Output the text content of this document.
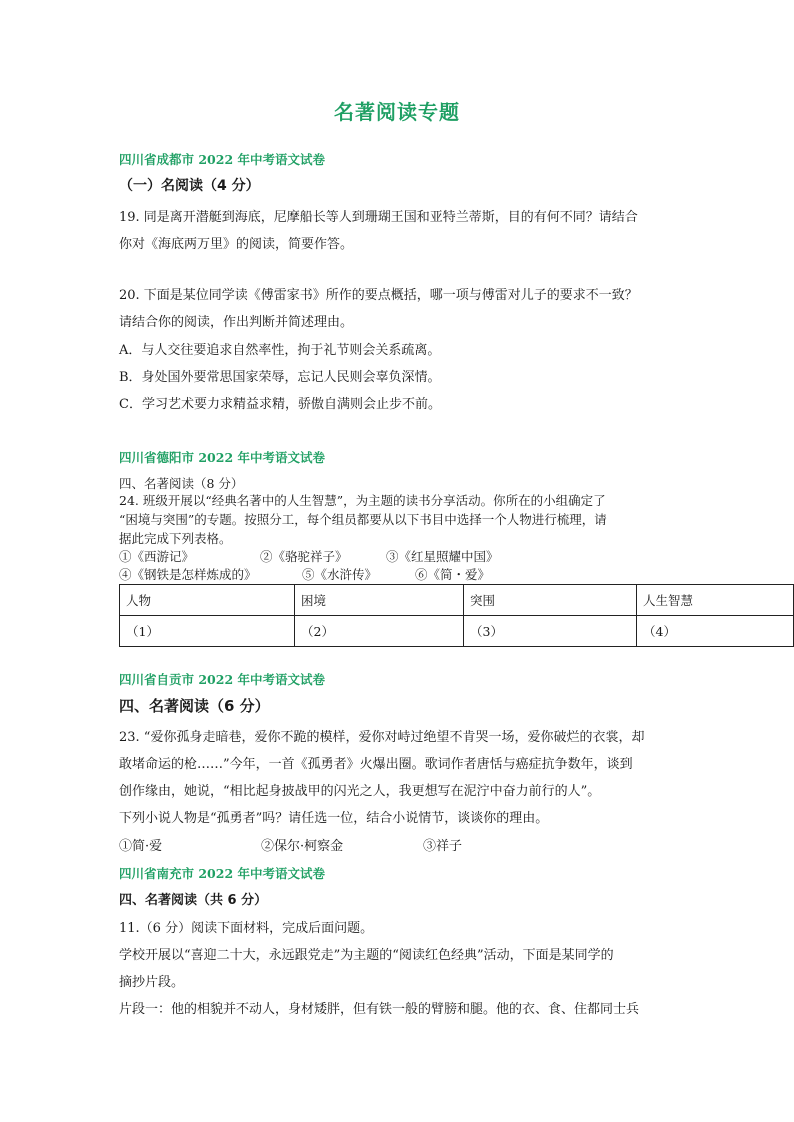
名著阅读专题
四川省成都市 2022 年中考语文试卷
（一）名阅读（4 分）
19. 同是离开潜艇到海底，尼摩船长等人到珊瑚王国和亚特兰蒂斯，目的有何不同？请结合
你对《海底两万里》的阅读，简要作答。
20. 下面是某位同学读《傅雷家书》所作的要点概括，哪一项与傅雷对儿子的要求不一致？
请结合你的阅读，作出判断并简述理由。
A．与人交往要追求自然率性，拘于礼节则会关系疏离。
B．身处国外要常思国家荣辱，忘记人民则会辜负深情。
C．学习艺术要力求精益求精，骄傲自满则会止步不前。
四川省德阳市 2022 年中考语文试卷
四、名著阅读（8 分）
24. 班级开展以“经典名著中的人生智慧”，为主题的读书分享活动。你所在的小组确定了
“困境与突围”的专题。按照分工，每个组员都要从以下书目中选择一个人物进行梳理，请
据此完成下列表格。
①《西游记》	②《骆驼祥子》	③《红星照耀中国》
④《钢铁是怎样炼成的》	⑤《水浒传》	⑥《简・爱》
人物	困境	突围	人生智慧
（1）	（2）	（3）	（4）
四川省自贡市 2022 年中考语文试卷
四、名著阅读（6 分）
23. “爱你孤身走暗巷，爱你不跪的模样，爱你对峙过绝望不肯哭一场，爱你破烂的衣裳，却
敢堵命运的枪……”今年，一首《孤勇者》火爆出圈。歌词作者唐恬与癌症抗争数年，谈到
创作缘由，她说，“相比起身披战甲的闪光之人，我更想写在泥泞中奋力前行的人”。
下列小说人物是“孤勇者”吗？请任选一位，结合小说情节，谈谈你的理由。
①简·爱	②保尔·柯察金	③祥子
四川省南充市 2022 年中考语文试卷
四、名著阅读（共 6 分）
11.（6 分）阅读下面材料，完成后面问题。
学校开展以“喜迎二十大，永远跟党走”为主题的“阅读红色经典”活动，下面是某同学的
摘抄片段。
片段一：他的相貌并不动人，身材矮胖，但有铁一般的臂膀和腿。他的衣、食、住都同士兵
